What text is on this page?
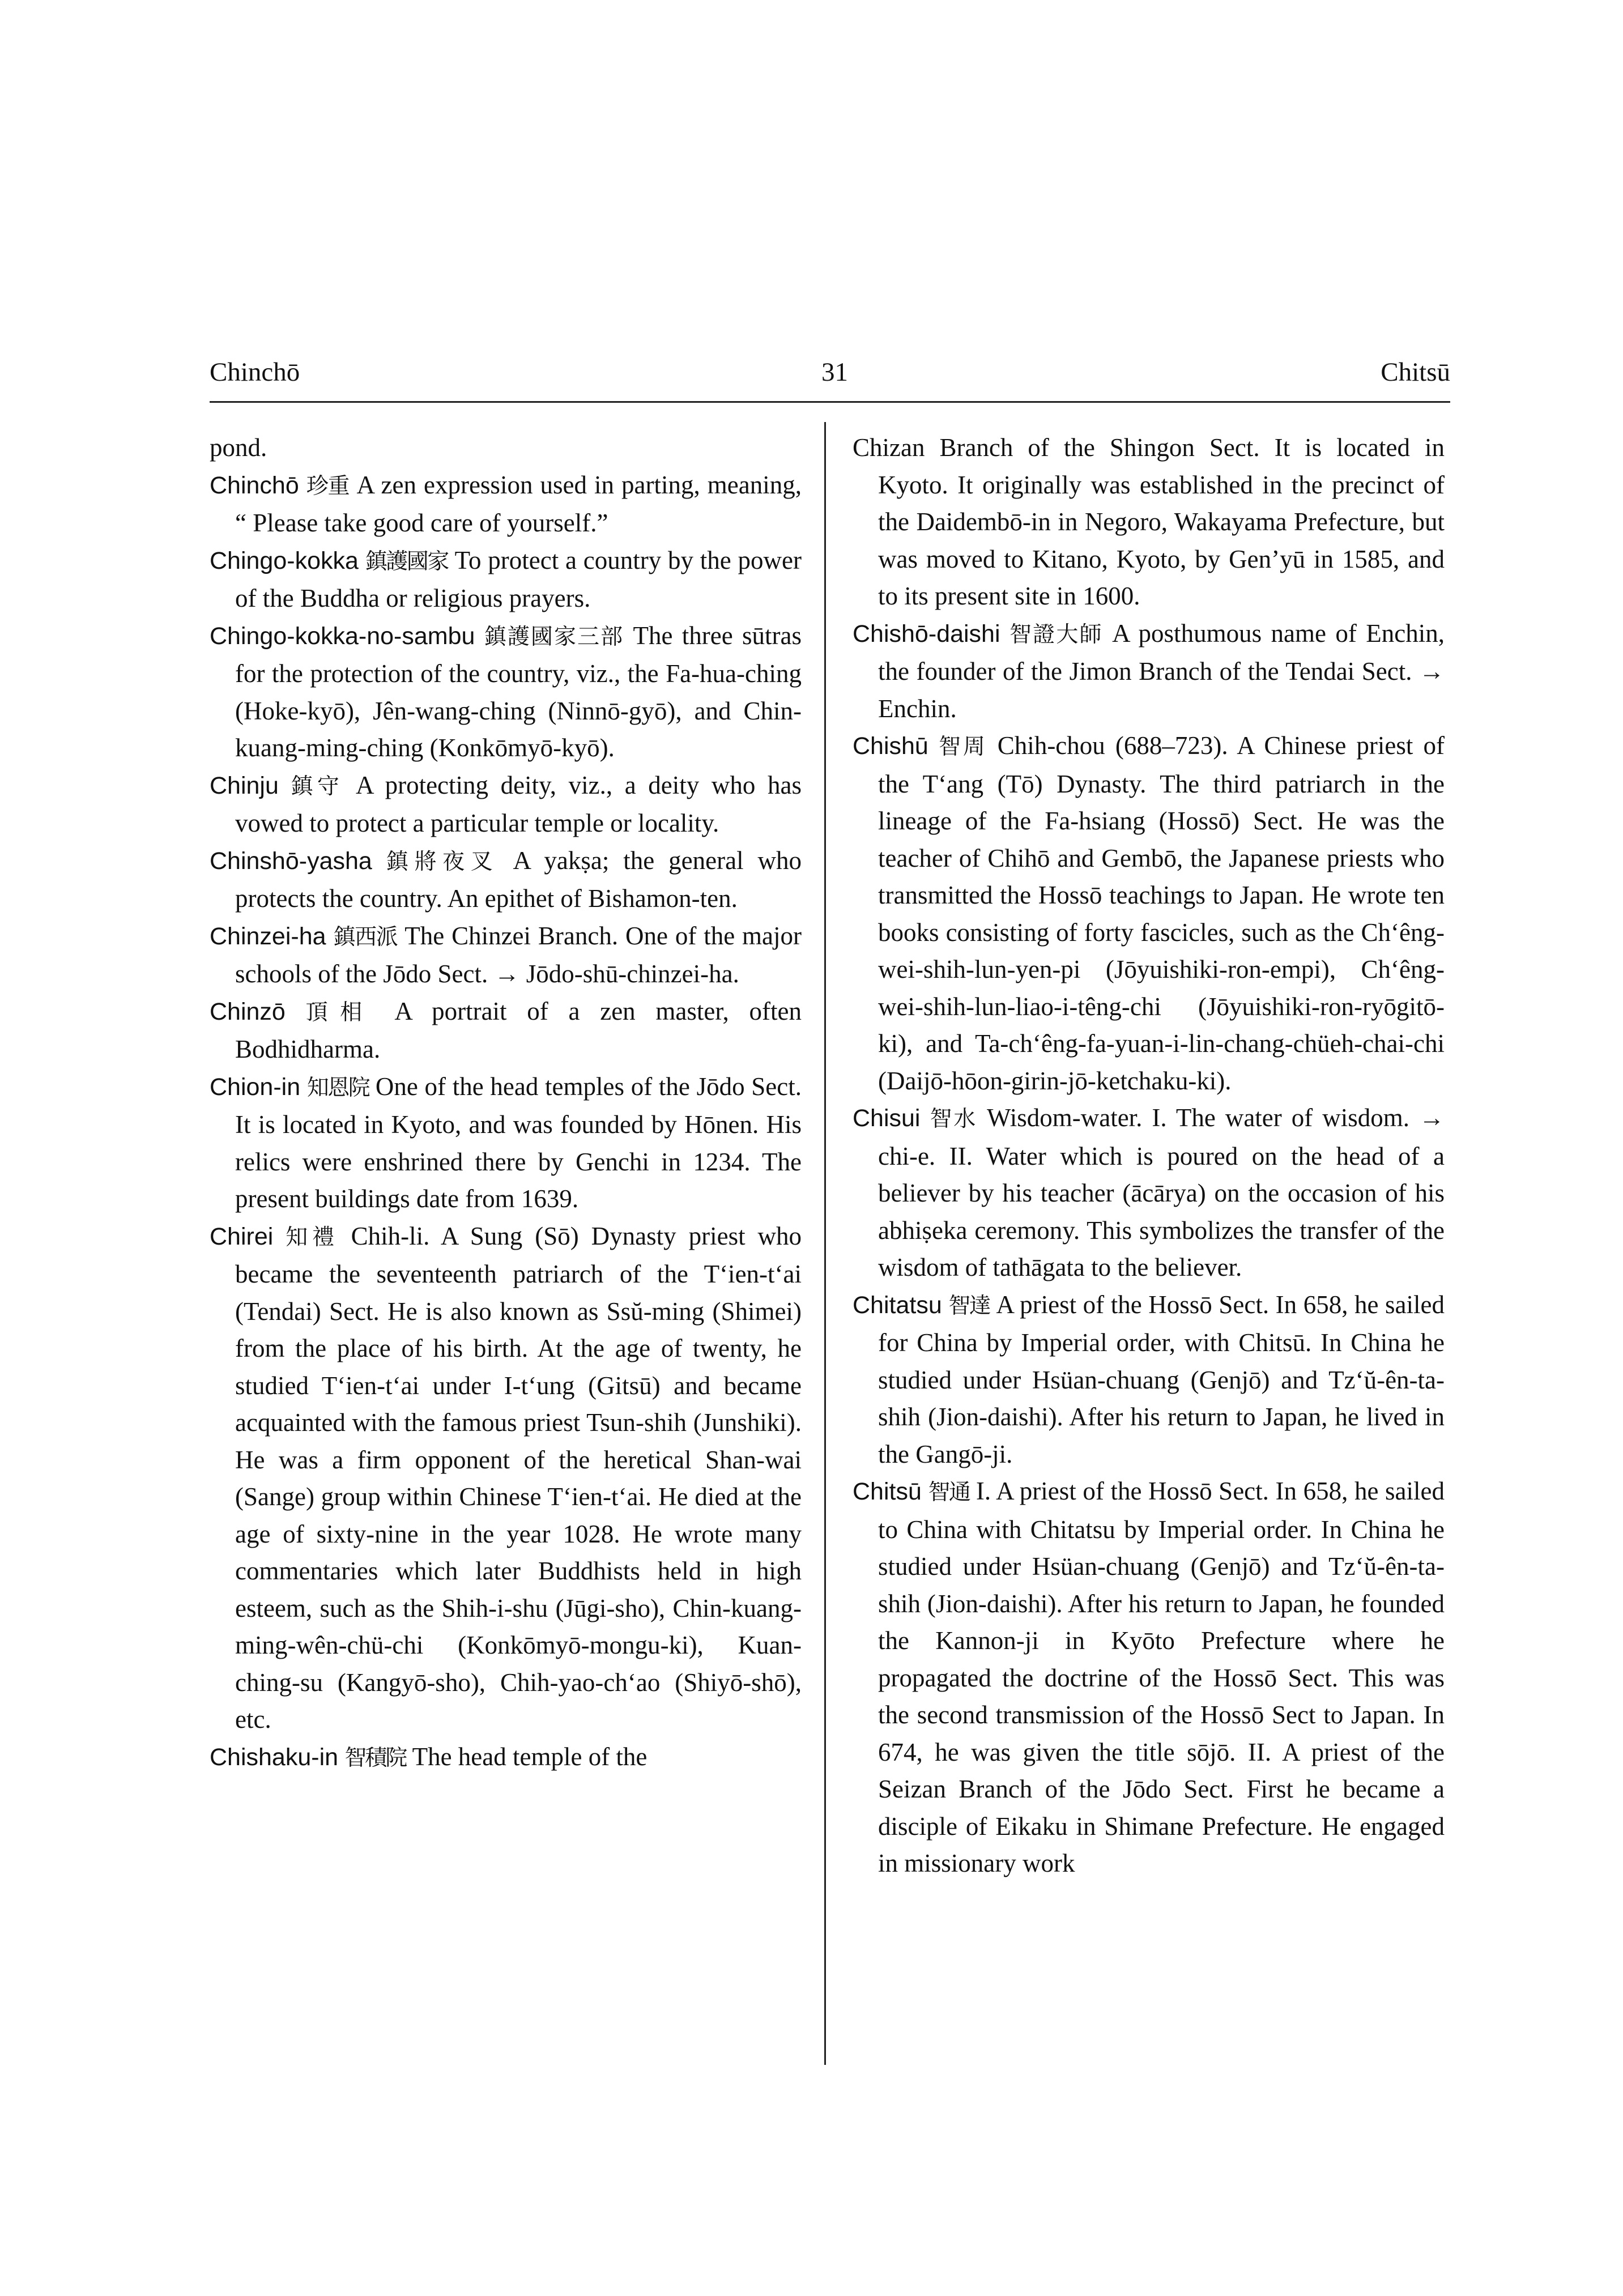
Chinchō	31	Chitsū

pond.

Chinchō 珍重 A zen expression used in parting, meaning, “ Please take good care of yourself.”

Chingo-kokka 鎮護國家 To protect a country by the power of the Buddha or religious prayers.

Chingo-kokka-no-sambu 鎮護國家三部 The three sūtras for the protection of the country, viz., the Fa-hua-ching (Hoke-kyō), Jên-wang-ching (Ninnō-gyō), and Chin-kuang-ming-ching (Konkōmyō-kyō).

Chinju 鎮守 A protecting deity, viz., a deity who has vowed to protect a particular temple or locality.

Chinshō-yasha 鎮將夜叉 A yakṣa; the general who protects the country. An epithet of Bishamon-ten.

Chinzei-ha 鎮西派 The Chinzei Branch. One of the major schools of the Jōdo Sect. → Jōdo-shū-chinzei-ha.

Chinzō 頂相 A portrait of a zen master, often Bodhidharma.

Chion-in 知恩院 One of the head temples of the Jōdo Sect. It is located in Kyoto, and was founded by Hōnen. His relics were enshrined there by Genchi in 1234. The present buildings date from 1639.

Chirei 知禮 Chih-li. A Sung (Sō) Dynasty priest who became the seventeenth patriarch of the T‘ien-t‘ai (Tendai) Sect. He is also known as Ssŭ-ming (Shimei) from the place of his birth. At the age of twenty, he studied T‘ien-t‘ai under I-t‘ung (Gitsū) and became acquainted with the famous priest Tsun-shih (Junshiki). He was a firm opponent of the heretical Shan-wai (Sange) group within Chinese T‘ien-t‘ai. He died at the age of sixty-nine in the year 1028. He wrote many commentaries which later Buddhists held in high esteem, such as the Shih-i-shu (Jūgi-sho), Chin-kuang-ming-wên-chü-chi (Konkōmyō-mongu-ki), Kuan-ching-su (Kangyō-sho), Chih-yao-ch‘ao (Shiyō-shō), etc.

Chishaku-in 智積院 The head temple of the

Chizan Branch of the Shingon Sect. It is located in Kyoto. It originally was established in the precinct of the Daidembō-in in Negoro, Wakayama Prefecture, but was moved to Kitano, Kyoto, by Gen’yū in 1585, and to its present site in 1600.

Chishō-daishi 智證大師 A posthumous name of Enchin, the founder of the Jimon Branch of the Tendai Sect. → Enchin.

Chishū 智周 Chih-chou (688–723). A Chinese priest of the T‘ang (Tō) Dynasty. The third patriarch in the lineage of the Fa-hsiang (Hossō) Sect. He was the teacher of Chihō and Gembō, the Japanese priests who transmitted the Hossō teachings to Japan. He wrote ten books consisting of forty fascicles, such as the Ch‘êng-wei-shih-lun-yen-pi (Jōyuishiki-ron-empi), Ch‘êng-wei-shih-lun-liao-i-têng-chi (Jōyuishiki-ron-ryōgitō-ki), and Ta-ch‘êng-fa-yuan-i-lin-chang-chüeh-chai-chi (Daijō-hōon-girin-jō-ketchaku-ki).

Chisui 智水 Wisdom-water. I. The water of wisdom. → chi-e. II. Water which is poured on the head of a believer by his teacher (ācārya) on the occasion of his abhiṣeka ceremony. This symbolizes the transfer of the wisdom of tathāgata to the believer.

Chitatsu 智達 A priest of the Hossō Sect. In 658, he sailed for China by Imperial order, with Chitsū. In China he studied under Hsüan-chuang (Genjō) and Tz‘ŭ-ên-ta-shih (Jion-daishi). After his return to Japan, he lived in the Gangō-ji.

Chitsū 智通 I. A priest of the Hossō Sect. In 658, he sailed to China with Chitatsu by Imperial order. In China he studied under Hsüan-chuang (Genjō) and Tz‘ŭ-ên-ta-shih (Jion-daishi). After his return to Japan, he founded the Kannon-ji in Kyōto Prefecture where he propagated the doctrine of the Hossō Sect. This was the second transmission of the Hossō Sect to Japan. In 674, he was given the title sōjō. II. A priest of the Seizan Branch of the Jōdo Sect. First he became a disciple of Eikaku in Shimane Prefecture. He engaged in missionary work
